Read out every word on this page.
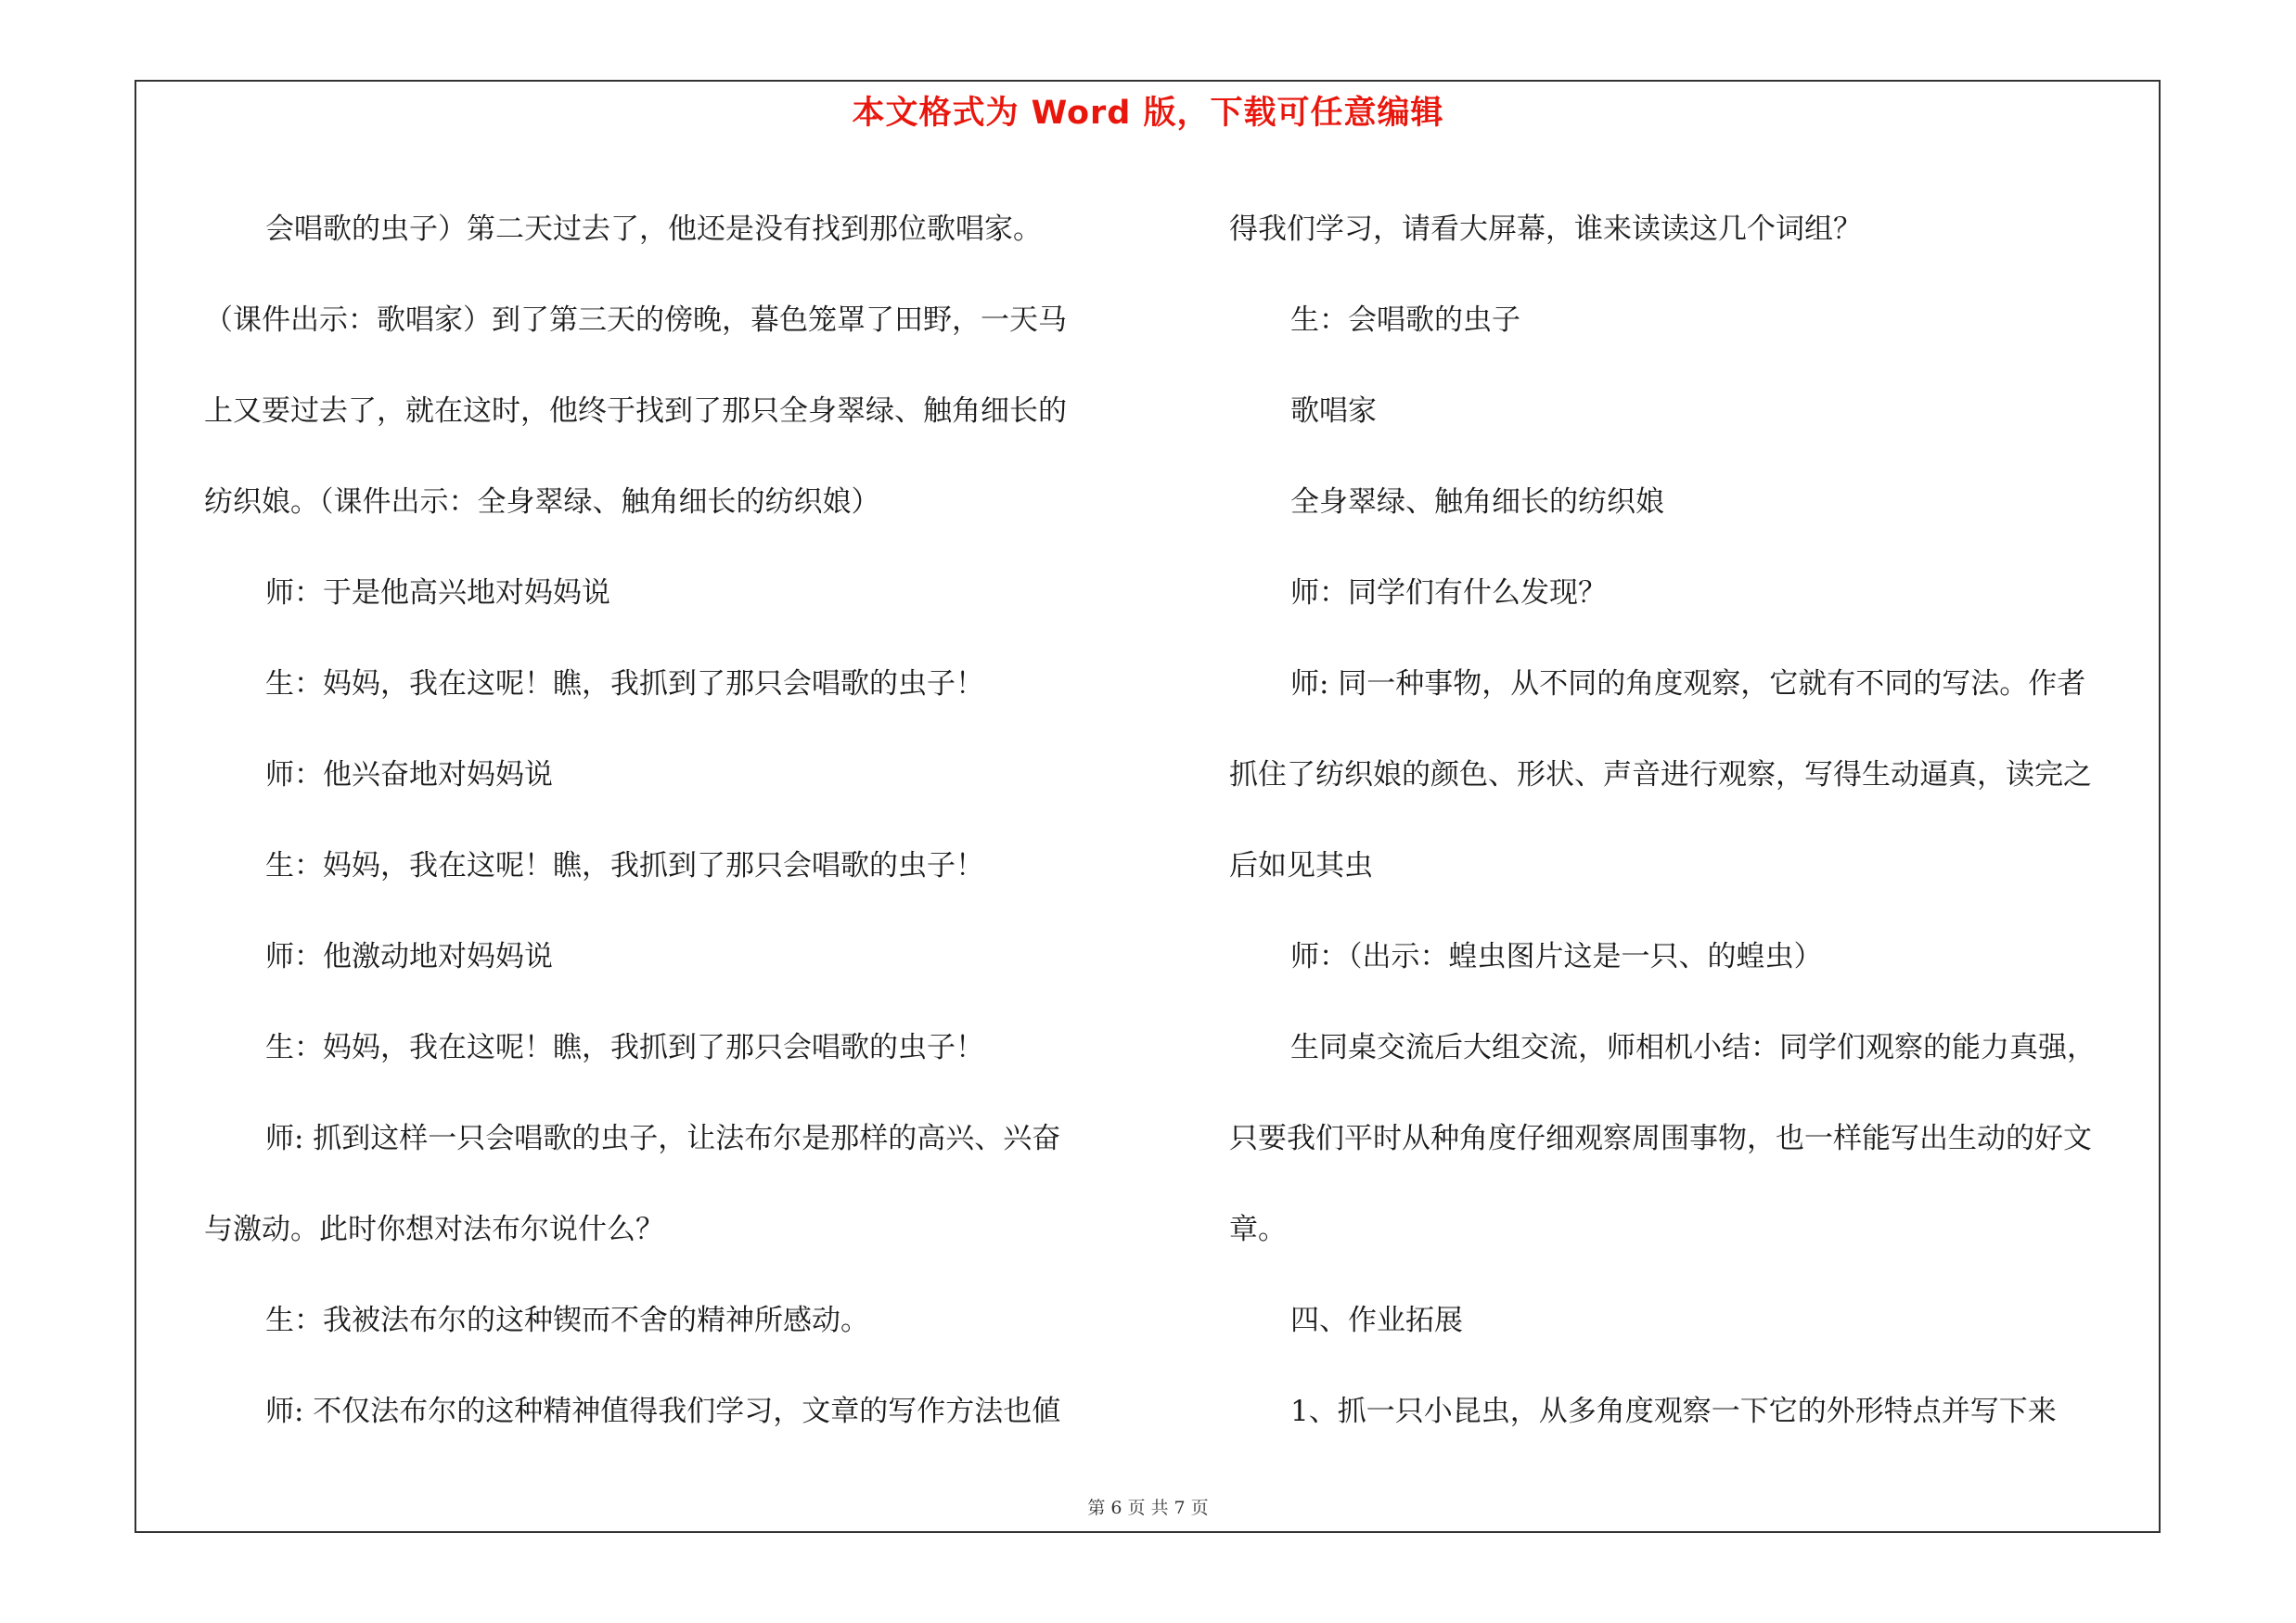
本文格式为 Word 版，下载可任意编辑

会唱歌的虫子）第二天过去了，他还是没有找到那位歌唱家。

（课件出示：歌唱家）到了第三天的傍晚，暮色笼罩了田野，一天马

上又要过去了，就在这时，他终于找到了那只全身翠绿、触角细长的

纺织娘。（课件出示：全身翠绿、触角细长的纺织娘）

师：于是他高兴地对妈妈说

生：妈妈，我在这呢！瞧，我抓到了那只会唱歌的虫子！

师：他兴奋地对妈妈说

生：妈妈，我在这呢！瞧，我抓到了那只会唱歌的虫子！

师：他激动地对妈妈说

生：妈妈，我在这呢！瞧，我抓到了那只会唱歌的虫子！

师: 抓到这样一只会唱歌的虫子，让法布尔是那样的高兴、兴奋

与激动。此时你想对法布尔说什么？

生：我被法布尔的这种锲而不舍的精神所感动。

师: 不仅法布尔的这种精神值得我们学习，文章的写作方法也値

得我们学习，请看大屏幕，谁来读读这几个词组？

生：会唱歌的虫子

歌唱家

全身翠绿、触角细长的纺织娘

师：同学们有什么发现？

师: 同一种事物，从不同的角度观察，它就有不同的写法。作者

抓住了纺织娘的颜色、形状、声音进行观察，写得生动逼真，读完之

后如见其虫

师：（出示：蝗虫图片这是一只、的蝗虫）

生同桌交流后大组交流，师相机小结：同学们观察的能力真强，

只要我们平时从种角度仔细观察周围事物，也一样能写出生动的好文

章。

四、作业拓展

1、抓一只小昆虫，从多角度观察一下它的外形特点并写下来

第 6 页 共 7 页
